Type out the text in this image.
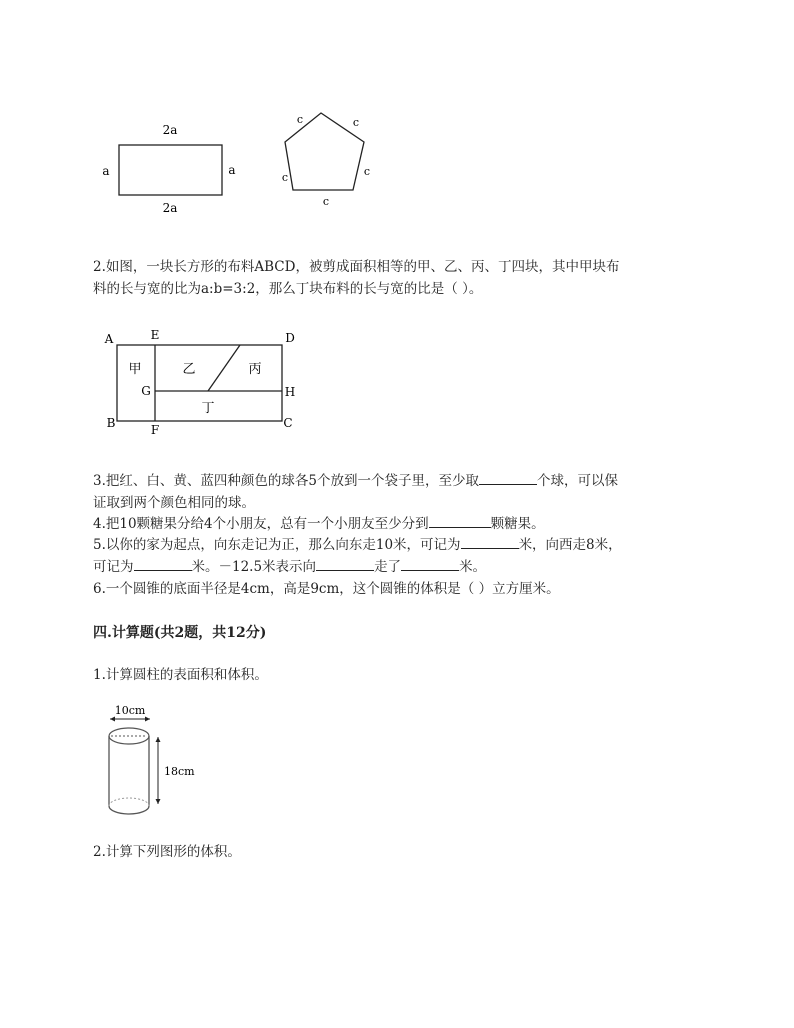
2a
a	a
2a
c	c
c	c
c
2.如图，一块长方形的布料ABCD，被剪成面积相等的甲、乙、丙、丁四块，其中甲块布
料的长与宽的比为a:b=3:2，那么丁块布料的长与宽的比是（ ）。
A	E	D
G	H
B	F	C
甲	乙	丙
丁
3.把红、白、黄、蓝四种颜色的球各5个放到一个袋子里，至少取	个球，可以保
证取到两个颜色相同的球。
4.把10颗糖果分给4个小朋友，总有一个小朋友至少分到	颗糖果。
5.以你的家为起点，向东走记为正，那么向东走10米，可记为	米，向西走8米，
可记为	米。－12.5米表示向	走了	米。
6.一个圆锥的底面半径是4cm，高是9cm，这个圆锥的体积是（ ）立方厘米。
四.计算题(共2题，共12分)
1.计算圆柱的表面积和体积。
10cm
18cm
2.计算下列图形的体积。
